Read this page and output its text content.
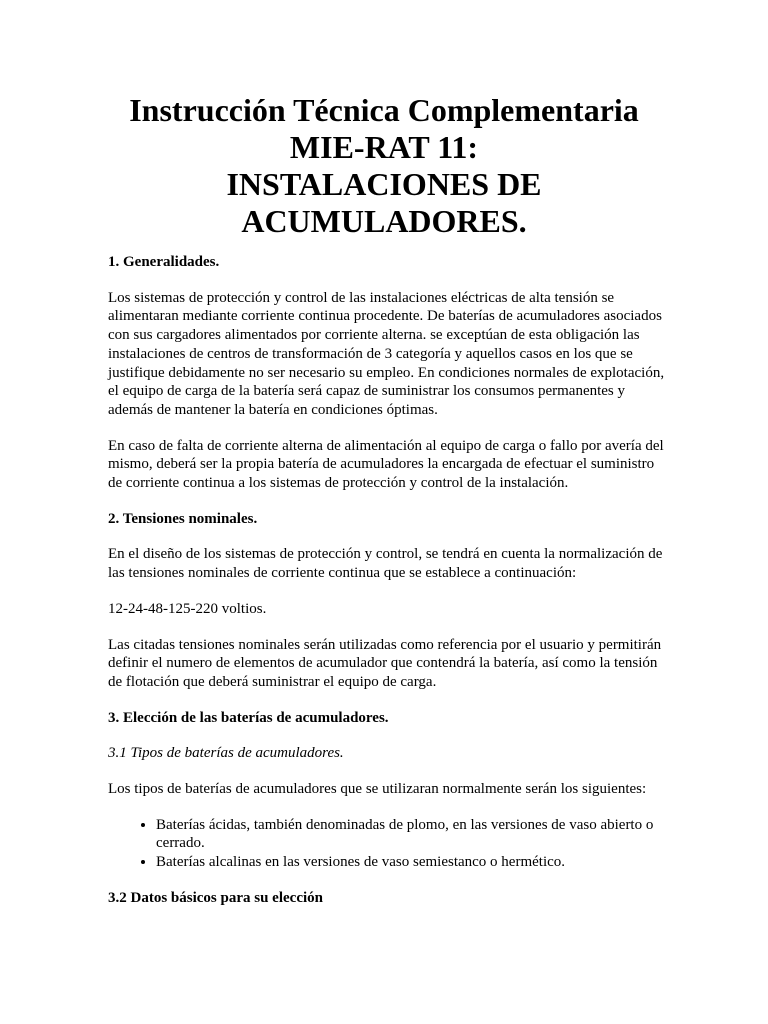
Instrucción Técnica Complementaria
MIE-RAT 11:
INSTALACIONES DE
ACUMULADORES.

1. Generalidades.

Los sistemas de protección y control de las instalaciones eléctricas de alta tensión se alimentaran mediante corriente continua procedente. De baterías de acumuladores asociados con sus cargadores alimentados por corriente alterna. se exceptúan de esta obligación las instalaciones de centros de transformación de 3 categoría y aquellos casos en los que se justifique debidamente no ser necesario su empleo. En condiciones normales de explotación, el equipo de carga de la batería será capaz de suministrar los consumos permanentes y además de mantener la batería en condiciones óptimas.

En caso de falta de corriente alterna de alimentación al equipo de carga o fallo por avería del mismo, deberá ser la propia batería de acumuladores la encargada de efectuar el suministro de corriente continua a los sistemas de protección y control de la instalación.

2. Tensiones nominales.

En el diseño de los sistemas de protección y control, se tendrá en cuenta la normalización de las tensiones nominales de corriente continua que se establece a continuación:

12-24-48-125-220 voltios.

Las citadas tensiones nominales serán utilizadas como referencia por el usuario y permitirán definir el numero de elementos de acumulador que contendrá la batería, así como la tensión de flotación que deberá suministrar el equipo de carga.

3. Elección de las baterías de acumuladores.

3.1 Tipos de baterías de acumuladores.

Los tipos de baterías de acumuladores que se utilizaran normalmente serán los siguientes:

• Baterías ácidas, también denominadas de plomo, en las versiones de vaso abierto o cerrado.
• Baterías alcalinas en las versiones de vaso semiestanco o hermético.

3.2 Datos básicos para su elección
